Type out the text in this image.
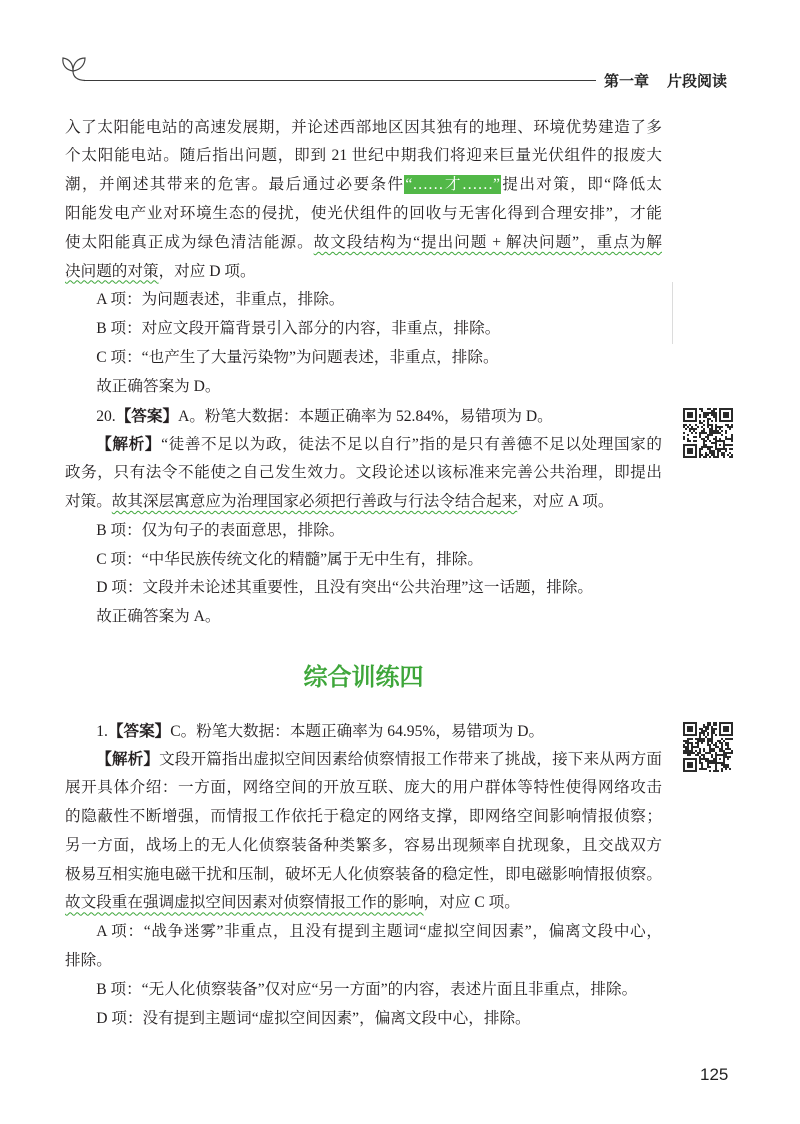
第一章 片段阅读
入了太阳能电站的高速发展期，并论述西部地区因其独有的地理、环境优势建造了多
个太阳能电站。随后指出问题，即到 21 世纪中期我们将迎来巨量光伏组件的报废大
潮，并阐述其带来的危害。最后通过必要条件“……才……”提出对策，即“降低太
阳能发电产业对环境生态的侵扰，使光伏组件的回收与无害化得到合理安排”，才能
使太阳能真正成为绿色清洁能源。故文段结构为“提出问题 + 解决问题”，重点为解
决问题的对策，对应 D 项。
A 项：为问题表述，非重点，排除。
B 项：对应文段开篇背景引入部分的内容，非重点，排除。
C 项：“也产生了大量污染物”为问题表述，非重点，排除。
故正确答案为 D。
20.【答案】A。粉笔大数据：本题正确率为 52.84%，易错项为 D。
【解析】“徒善不足以为政，徒法不足以自行”指的是只有善德不足以处理国家的
政务，只有法令不能使之自己发生效力。文段论述以该标准来完善公共治理，即提出
对策。故其深层寓意应为治理国家必须把行善政与行法令结合起来，对应 A 项。
B 项：仅为句子的表面意思，排除。
C 项：“中华民族传统文化的精髓”属于无中生有，排除。
D 项：文段并未论述其重要性，且没有突出“公共治理”这一话题，排除。
故正确答案为 A。
综合训练四
1.【答案】C。粉笔大数据：本题正确率为 64.95%，易错项为 D。
【解析】文段开篇指出虚拟空间因素给侦察情报工作带来了挑战，接下来从两方面
展开具体介绍：一方面，网络空间的开放互联、庞大的用户群体等特性使得网络攻击
的隐蔽性不断增强，而情报工作依托于稳定的网络支撑，即网络空间影响情报侦察；
另一方面，战场上的无人化侦察装备种类繁多，容易出现频率自扰现象，且交战双方
极易互相实施电磁干扰和压制，破坏无人化侦察装备的稳定性，即电磁影响情报侦察。
故文段重在强调虚拟空间因素对侦察情报工作的影响，对应 C 项。
A 项：“战争迷雾”非重点，且没有提到主题词“虚拟空间因素”，偏离文段中心，
排除。
B 项：“无人化侦察装备”仅对应“另一方面”的内容，表述片面且非重点，排除。
D 项：没有提到主题词“虚拟空间因素”，偏离文段中心，排除。
125
